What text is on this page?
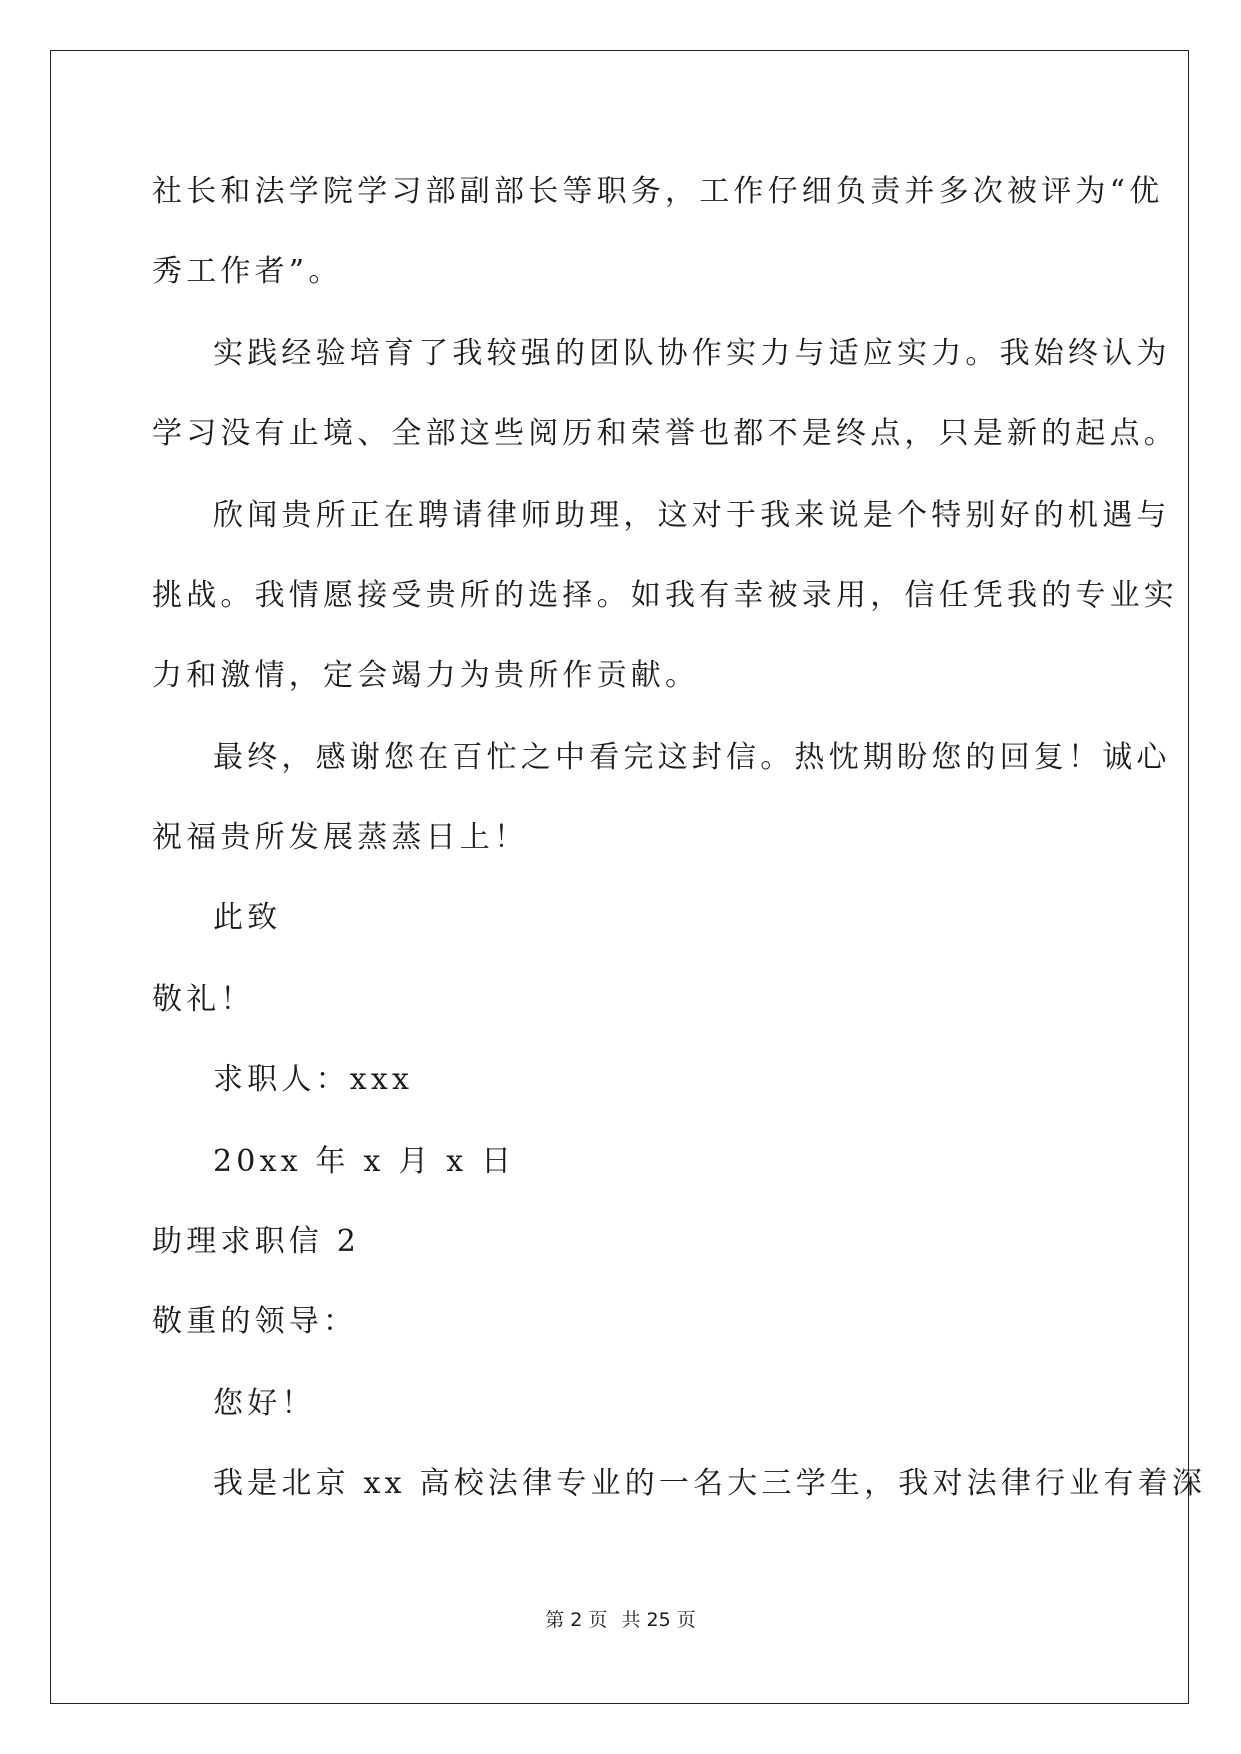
社长和法学院学习部副部长等职务，工作仔细负责并多次被评为“优
秀工作者”。
实践经验培育了我较强的团队协作实力与适应实力。我始终认为
学习没有止境、全部这些阅历和荣誉也都不是终点，只是新的起点。
欣闻贵所正在聘请律师助理，这对于我来说是个特别好的机遇与
挑战。我情愿接受贵所的选择。如我有幸被录用，信任凭我的专业实
力和激情，定会竭力为贵所作贡献。
最终，感谢您在百忙之中看完这封信。热忱期盼您的回复！诚心
祝福贵所发展蒸蒸日上！
此致
敬礼！
求职人：xxx
20xx 年 x 月 x 日
助理求职信 2
敬重的领导：
您好！
我是北京 xx 高校法律专业的一名大三学生，我对法律行业有着深
第 2 页 共 25 页
